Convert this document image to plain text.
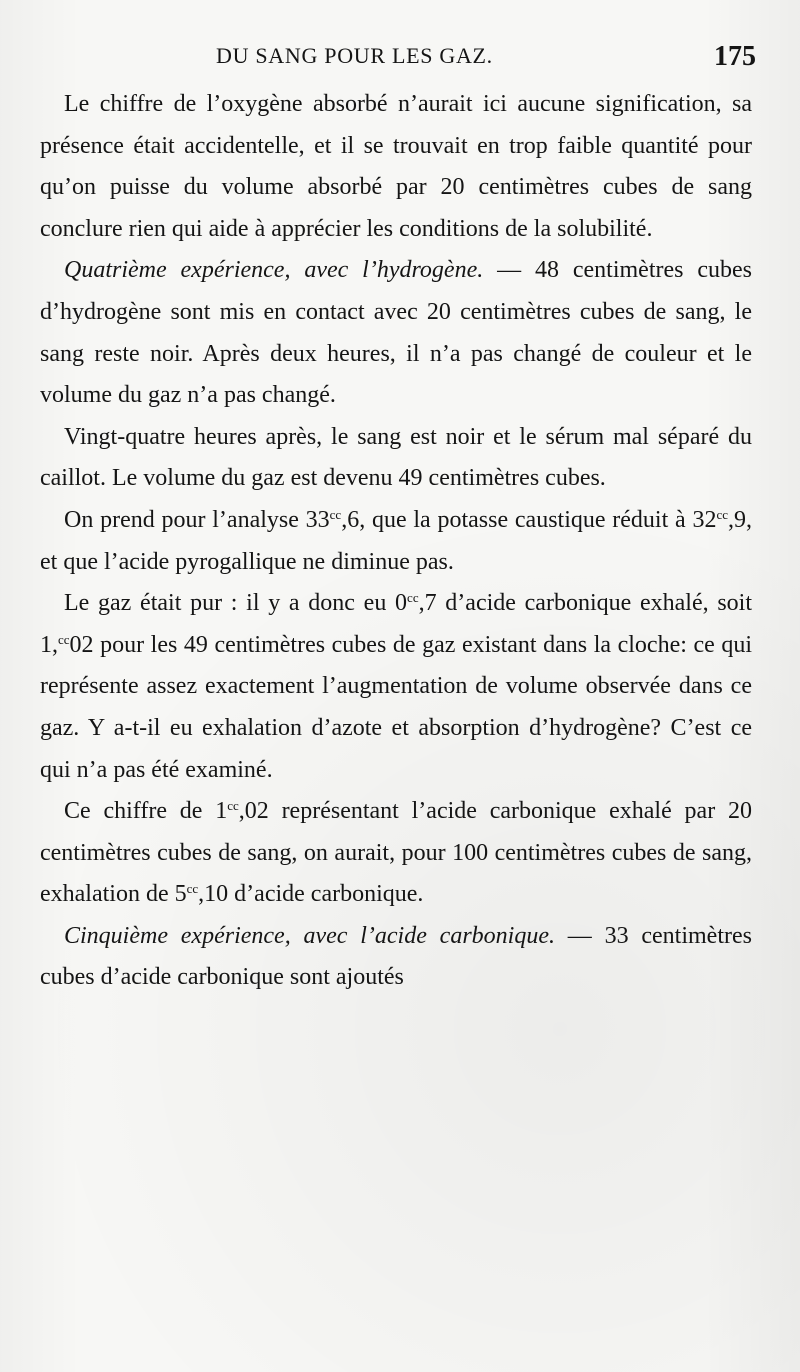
DU SANG POUR LES GAZ.	175

Le chiffre de l’oxygène absorbé n’aurait ici aucune signification, sa présence était accidentelle, et il se trouvait en trop faible quantité pour qu’on puisse du volume absorbé par 20 centimètres cubes de sang conclure rien qui aide à apprécier les conditions de la solubilité.

Quatrième expérience, avec l’hydrogène. — 48 centimètres cubes d’hydrogène sont mis en contact avec 20 centimètres cubes de sang, le sang reste noir. Après deux heures, il n’a pas changé de couleur et le volume du gaz n’a pas changé.

Vingt-quatre heures après, le sang est noir et le sérum mal séparé du caillot. Le volume du gaz est devenu 49 centimètres cubes.

On prend pour l’analyse $33^{cc},6$, que la potasse caustique réduit à $32^{cc},9$, et que l’acide pyrogallique ne diminue pas.

Le gaz était pur : il y a donc eu $0^{cc},7$ d’acide carbonique exhalé, soit 1,$^{cc}$02 pour les 49 centimètres cubes de gaz existant dans la cloche: ce qui représente assez exactement l’augmentation de volume observée dans ce gaz. Y a-t-il eu exhalation d’azote et absorption d’hydrogène? C’est ce qui n’a pas été examiné.

Ce chiffre de $1^{cc},02$ représentant l’acide carbonique exhalé par 20 centimètres cubes de sang, on aurait, pour 100 centimètres cubes de sang, exhalation de $5^{cc},10$ d’acide carbonique.

Cinquième expérience, avec l’acide carbonique. — 33 centimètres cubes d’acide carbonique sont ajoutés
